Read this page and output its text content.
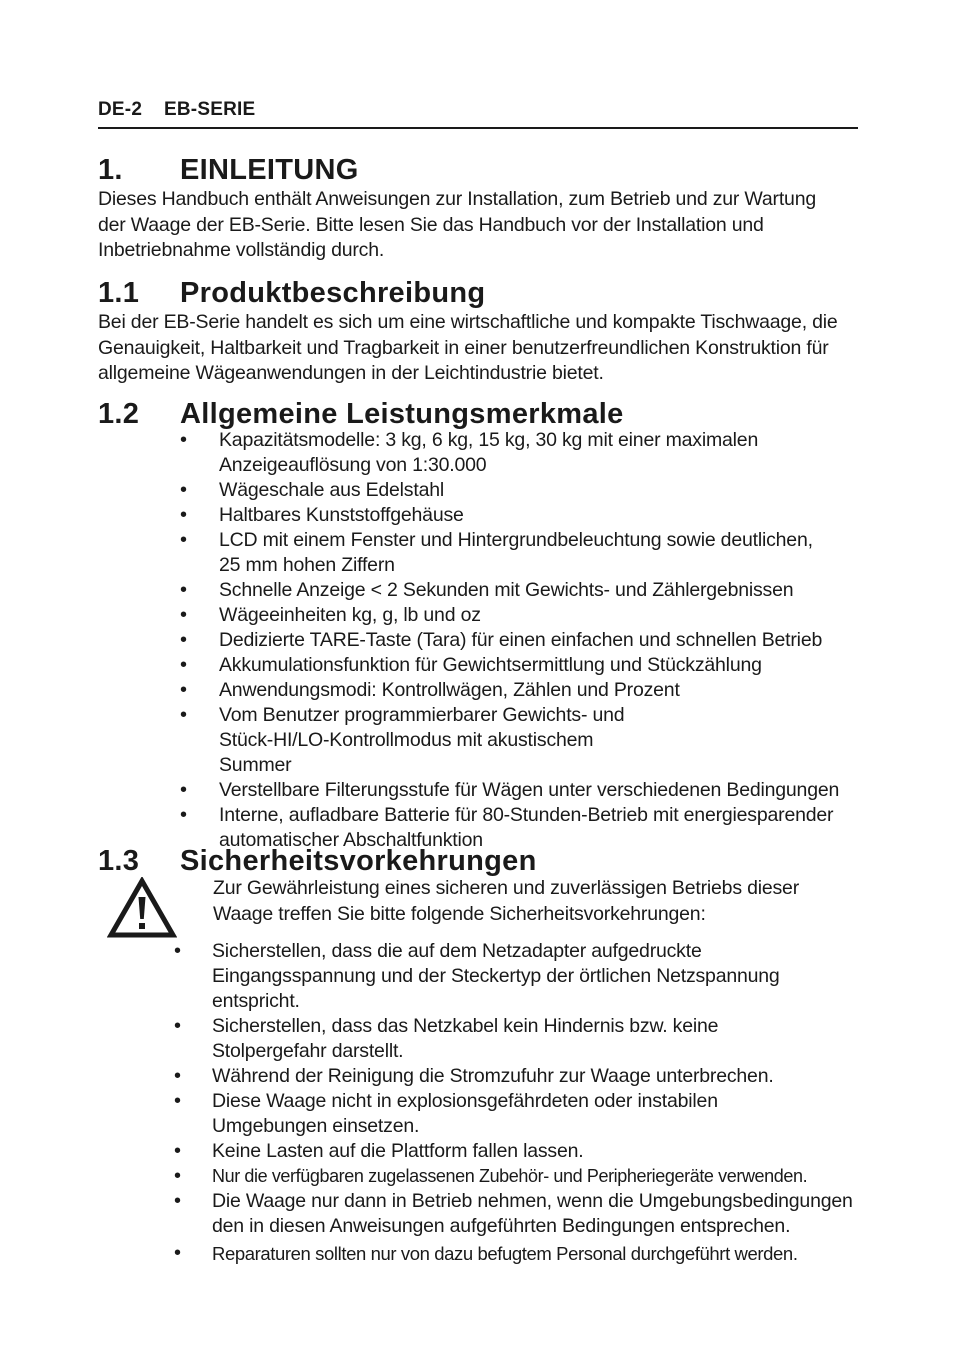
DE-2 EB-SERIE
1. EINLEITUNG

Dieses Handbuch enthält Anweisungen zur Installation, zum Betrieb und zur Wartung der Waage der EB-Serie. Bitte lesen Sie das Handbuch vor der Installation und Inbetriebnahme vollständig durch.

1.1 Produktbeschreibung

Bei der EB-Serie handelt es sich um eine wirtschaftliche und kompakte Tischwaage, die Genauigkeit, Haltbarkeit und Tragbarkeit in einer benutzerfreundlichen Konstruktion für allgemeine Wägeanwendungen in der Leichtindustrie bietet.

1.2 Allgemeine Leistungsmerkmale
• Kapazitätsmodelle: 3 kg, 6 kg, 15 kg, 30 kg mit einer maximalen Anzeigeauflösung von 1:30.000
• Wägeschale aus Edelstahl
• Haltbares Kunststoffgehäuse
• LCD mit einem Fenster und Hintergrundbeleuchtung sowie deutlichen, 25 mm hohen Ziffern
• Schnelle Anzeige < 2 Sekunden mit Gewichts- und Zählergebnissen
• Wägeeinheiten kg, g, lb und oz
• Dedizierte TARE-Taste (Tara) für einen einfachen und schnellen Betrieb
• Akkumulationsfunktion für Gewichtsermittlung und Stückzählung
• Anwendungsmodi: Kontrollwägen, Zählen und Prozent
• Vom Benutzer programmierbarer Gewichts- und Stück-HI/LO-Kontrollmodus mit akustischem Summer
• Verstellbare Filterungsstufe für Wägen unter verschiedenen Bedingungen
• Interne, aufladbare Batterie für 80-Stunden-Betrieb mit energiesparender automatischer Abschaltfunktion
1.3 Sicherheitsvorkehrungen

Zur Gewährleistung eines sicheren und zuverlässigen Betriebs dieser Waage treffen Sie bitte folgende Sicherheitsvorkehrungen:

• Sicherstellen, dass die auf dem Netzadapter aufgedruckte Eingangsspannung und der Steckertyp der örtlichen Netzspannung entspricht.
• Sicherstellen, dass das Netzkabel kein Hindernis bzw. keine Stolpergefahr darstellt.
• Während der Reinigung die Stromzufuhr zur Waage unterbrechen.
• Diese Waage nicht in explosionsgefährdeten oder instabilen Umgebungen einsetzen.
• Keine Lasten auf die Plattform fallen lassen.
• Nur die verfügbaren zugelassenen Zubehör- und Peripheriegeräte verwenden.
• Die Waage nur dann in Betrieb nehmen, wenn die Umgebungsbedingungen den in diesen Anweisungen aufgeführten Bedingungen entsprechen.
• Reparaturen sollten nur von dazu befugtem Personal durchgeführt werden.
